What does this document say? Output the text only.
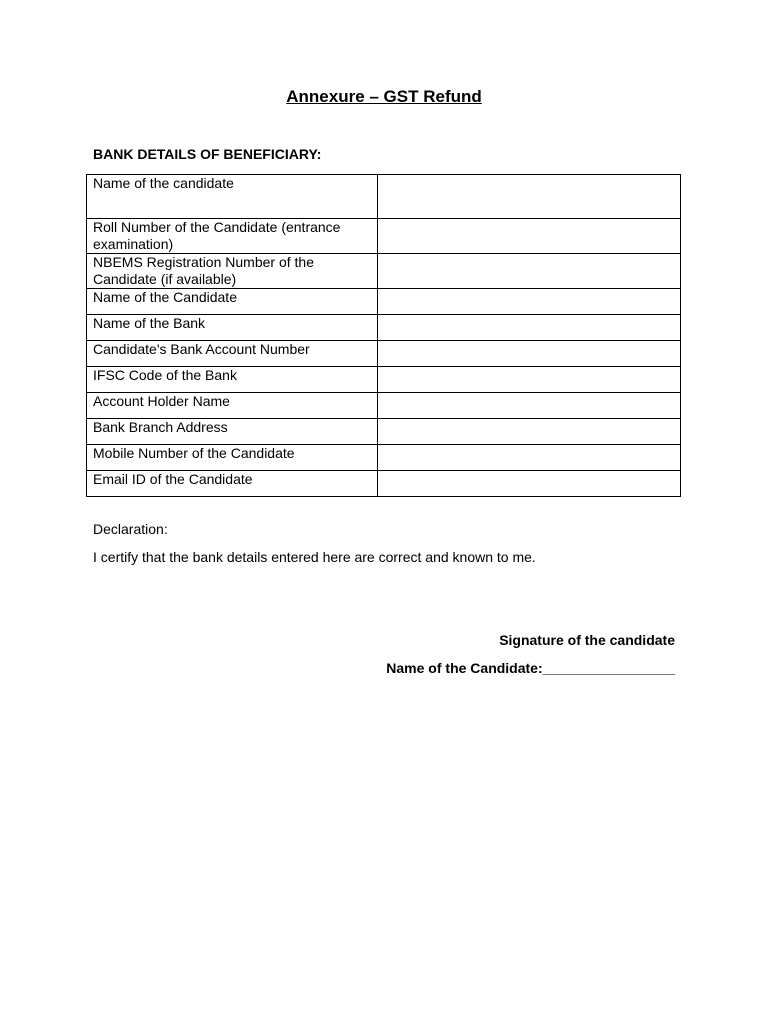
Annexure – GST Refund
BANK DETAILS OF BENEFICIARY:
Name of the candidate	
Roll Number of the Candidate (entrance examination)	
NBEMS Registration Number of the Candidate (if available)	
Name of the Candidate	
Name of the Bank	
Candidate's Bank Account Number	
IFSC Code of the Bank	
Account Holder Name	
Bank Branch Address	
Mobile Number of the Candidate	
Email ID of the Candidate	
Declaration:
I certify that the bank details entered here are correct and known to me.
Signature of the candidate
Name of the Candidate:_________________
